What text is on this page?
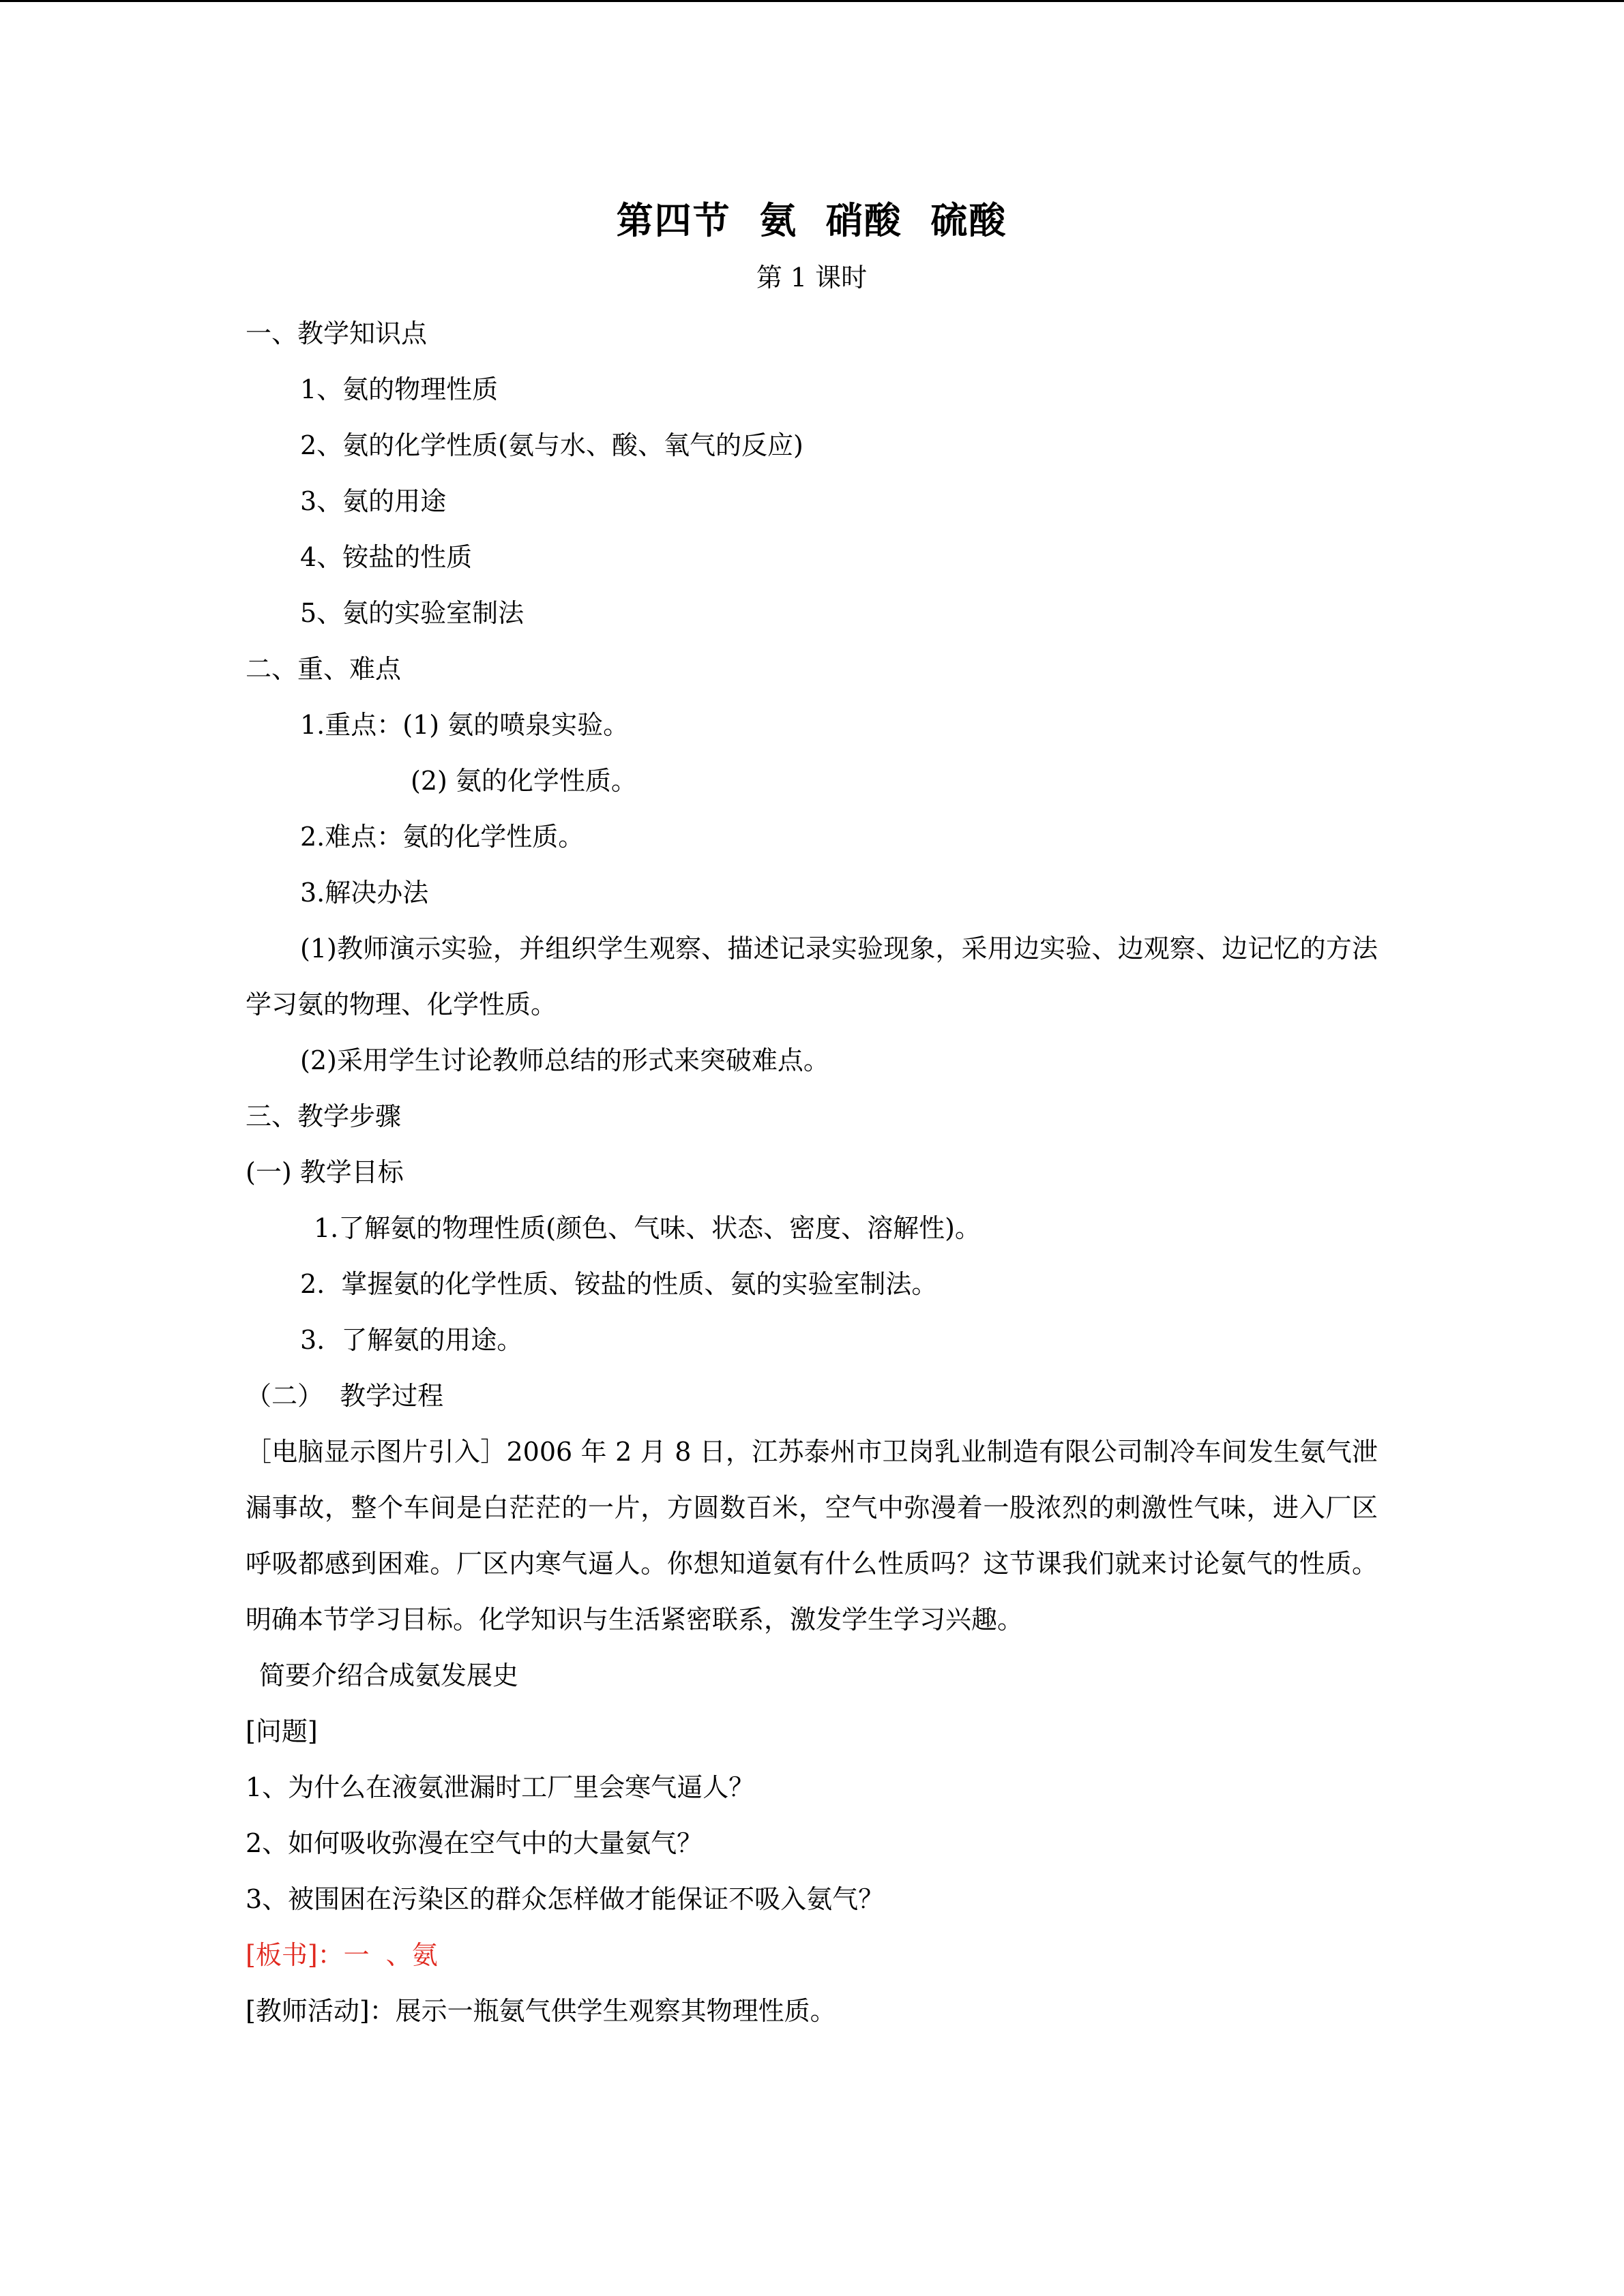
第四节  氨  硝酸  硫酸
第 1 课时
一、教学知识点
1、氨的物理性质
2、氨的化学性质(氨与水、酸、氧气的反应)
3、氨的用途
4、铵盐的性质
5、氨的实验室制法
二、重、难点
1.重点：(1) 氨的喷泉实验。
(2) 氨的化学性质。
2.难点：氨的化学性质。
3.解决办法
(1)教师演示实验，并组织学生观察、描述记录实验现象，采用边实验、边观察、边记忆的方法学习氨的物理、化学性质。
(2)采用学生讨论教师总结的形式来突破难点。
三、教学步骤
(一) 教学目标
1.了解氨的物理性质(颜色、气味、状态、密度、溶解性)。
2.  掌握氨的化学性质、铵盐的性质、氨的实验室制法。
3.  了解氨的用途。
（二）  教学过程
［电脑显示图片引入］2006 年 2 月 8 日，江苏泰州市卫岗乳业制造有限公司制冷车间发生氨气泄漏事故，整个车间是白茫茫的一片，方圆数百米，空气中弥漫着一股浓烈的刺激性气味，进入厂区呼吸都感到困难。厂区内寒气逼人。你想知道氨有什么性质吗？这节课我们就来讨论氨气的性质。明确本节学习目标。化学知识与生活紧密联系，激发学生学习兴趣。
简要介绍合成氨发展史
[问题]
1、为什么在液氨泄漏时工厂里会寒气逼人？
2、如何吸收弥漫在空气中的大量氨气？
3、被围困在污染区的群众怎样做才能保证不吸入氨气？
[板书]：一  、氨
[教师活动]：展示一瓶氨气供学生观察其物理性质。
